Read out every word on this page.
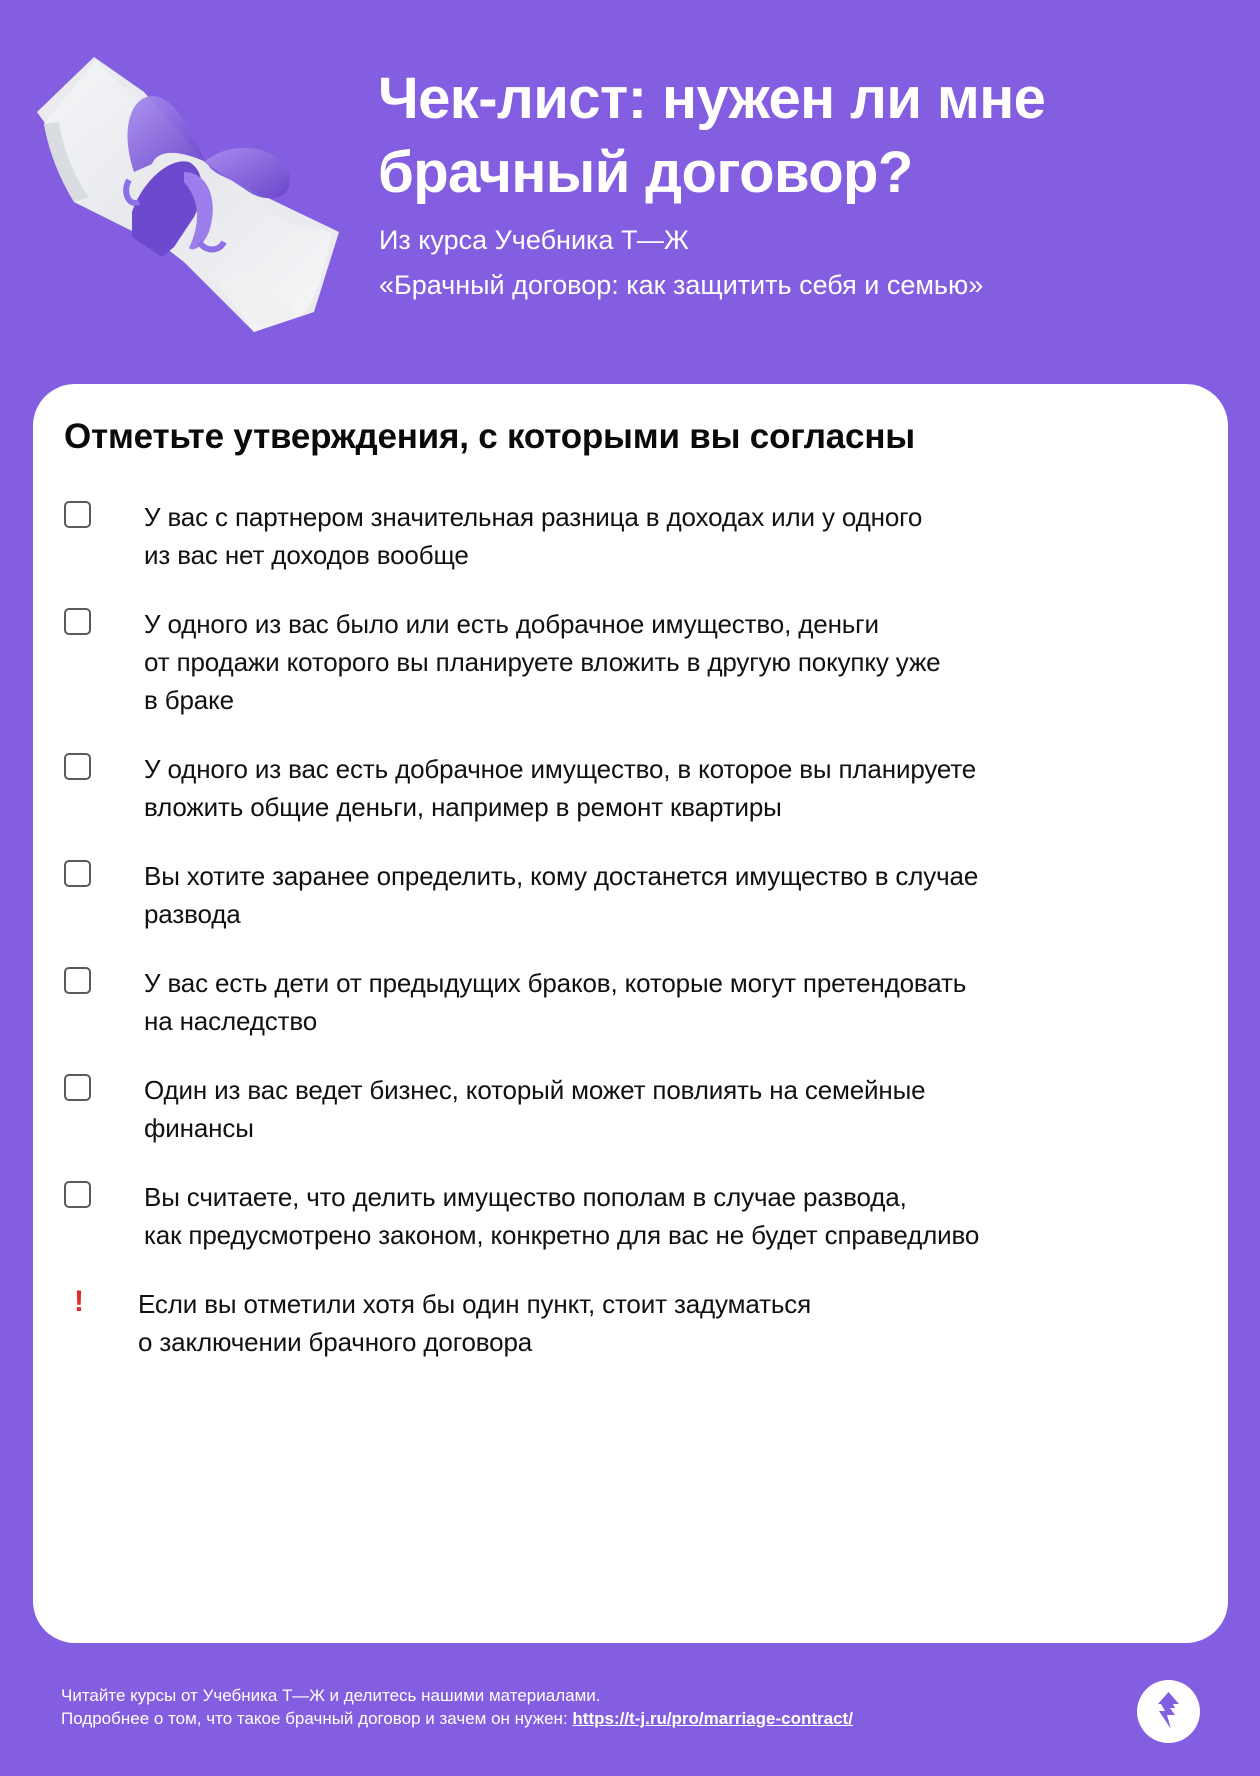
Чек-лист: нужен ли мне
брачный договор?

Из курса Учебника Т—Ж
«Брачный договор: как защитить себя и семью»

Отметьте утверждения, с которыми вы согласны
У вас с партнером значительная разница в доходах или у одного
из вас нет доходов вообще
У одного из вас было или есть добрачное имущество, деньги
от продажи которого вы планируете вложить в другую покупку уже
в браке
У одного из вас есть добрачное имущество, в которое вы планируете
вложить общие деньги, например в ремонт квартиры
Вы хотите заранее определить, кому достанется имущество в случае
развода
У вас есть дети от предыдущих браков, которые могут претендовать
на наследство
Один из вас ведет бизнес, который может повлиять на семейные
финансы
Вы считаете, что делить имущество пополам в случае развода,
как предусмотрено законом, конкретно для вас не будет справедливо
! Если вы отметили хотя бы один пункт, стоит задуматься
о заключении брачного договора
Читайте курсы от Учебника Т—Ж и делитесь нашими материалами.
Подробнее о том, что такое брачный договор и зачем он нужен: https://t-j.ru/pro/marriage-contract/
